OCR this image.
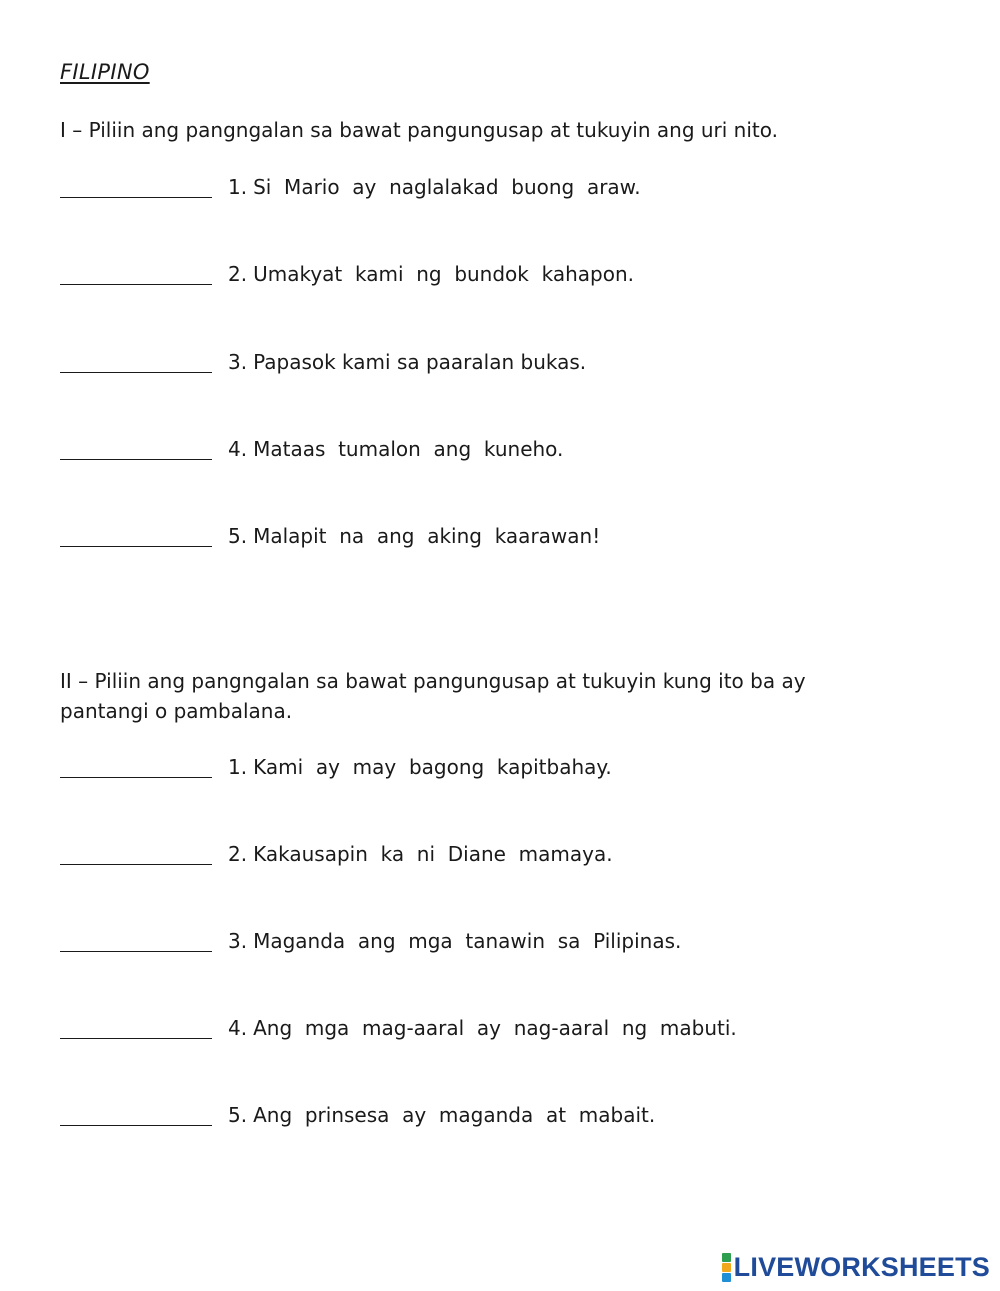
FILIPINO
I – Piliin ang pangngalan sa bawat pangungusap at tukuyin ang uri nito.
1. Si  Mario  ay  naglalakad  buong  araw.
2. Umakyat  kami  ng  bundok  kahapon.
3. Papasok kami sa paaralan bukas.
4. Mataas  tumalon  ang  kuneho.
5. Malapit  na  ang  aking  kaarawan!
II – Piliin ang pangngalan sa bawat pangungusap at tukuyin kung ito ba ay pantangi o pambalana.
1. Kami  ay  may  bagong  kapitbahay.
2. Kakausapin  ka  ni  Diane  mamaya.
3. Maganda  ang  mga  tanawin  sa  Pilipinas.
4. Ang  mga  mag-aaral  ay  nag-aaral  ng  mabuti.
5. Ang  prinsesa  ay  maganda  at  mabait.
LIVEWORKSHEETS
